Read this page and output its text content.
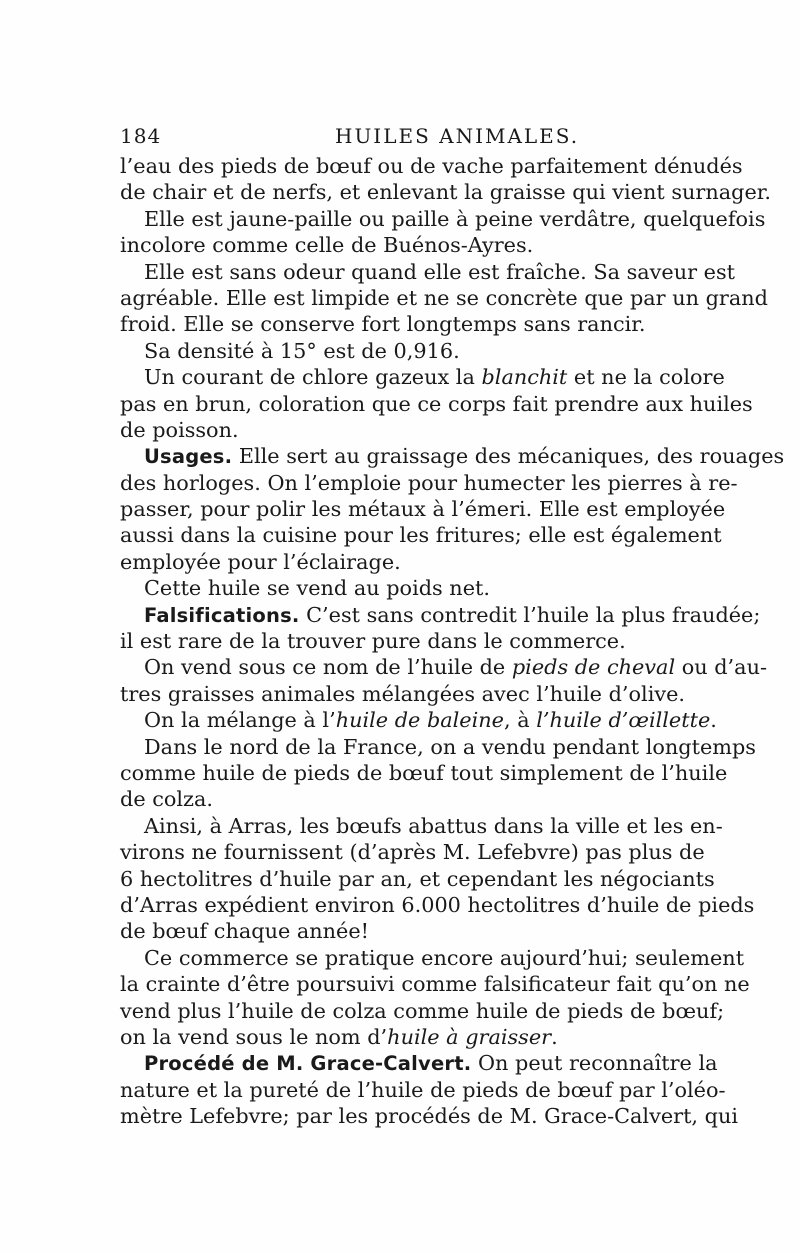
184	HUILES ANIMALES.
l’eau des pieds de bœuf ou de vache parfaitement dénudés
de chair et de nerfs, et enlevant la graisse qui vient surnager.
Elle est jaune-paille ou paille à peine verdâtre, quelquefois
incolore comme celle de Buénos-Ayres.
Elle est sans odeur quand elle est fraîche. Sa saveur est
agréable. Elle est limpide et ne se concrète que par un grand
froid. Elle se conserve fort longtemps sans rancir.
Sa densité à 15° est de 0,916.
Un courant de chlore gazeux la blanchit et ne la colore
pas en brun, coloration que ce corps fait prendre aux huiles
de poisson.
Usages. Elle sert au graissage des mécaniques, des rouages
des horloges. On l’emploie pour humecter les pierres à re-
passer, pour polir les métaux à l’émeri. Elle est employée
aussi dans la cuisine pour les fritures; elle est également
employée pour l’éclairage.
Cette huile se vend au poids net.
Falsifications. C’est sans contredit l’huile la plus fraudée;
il est rare de la trouver pure dans le commerce.
On vend sous ce nom de l’huile de pieds de cheval ou d’au-
tres graisses animales mélangées avec l’huile d’olive.
On la mélange à l’huile de baleine, à l’huile d’œillette.
Dans le nord de la France, on a vendu pendant longtemps
comme huile de pieds de bœuf tout simplement de l’huile
de colza.
Ainsi, à Arras, les bœufs abattus dans la ville et les en-
virons ne fournissent (d’après M. Lefebvre) pas plus de
6 hectolitres d’huile par an, et cependant les négociants
d’Arras expédient environ 6.000 hectolitres d’huile de pieds
de bœuf chaque année!
Ce commerce se pratique encore aujourd’hui; seulement
la crainte d’être poursuivi comme falsificateur fait qu’on ne
vend plus l’huile de colza comme huile de pieds de bœuf;
on la vend sous le nom d’huile à graisser.
Procédé de M. Grace-Calvert. On peut reconnaître la
nature et la pureté de l’huile de pieds de bœuf par l’oléo-
mètre Lefebvre; par les procédés de M. Grace-Calvert, qui
